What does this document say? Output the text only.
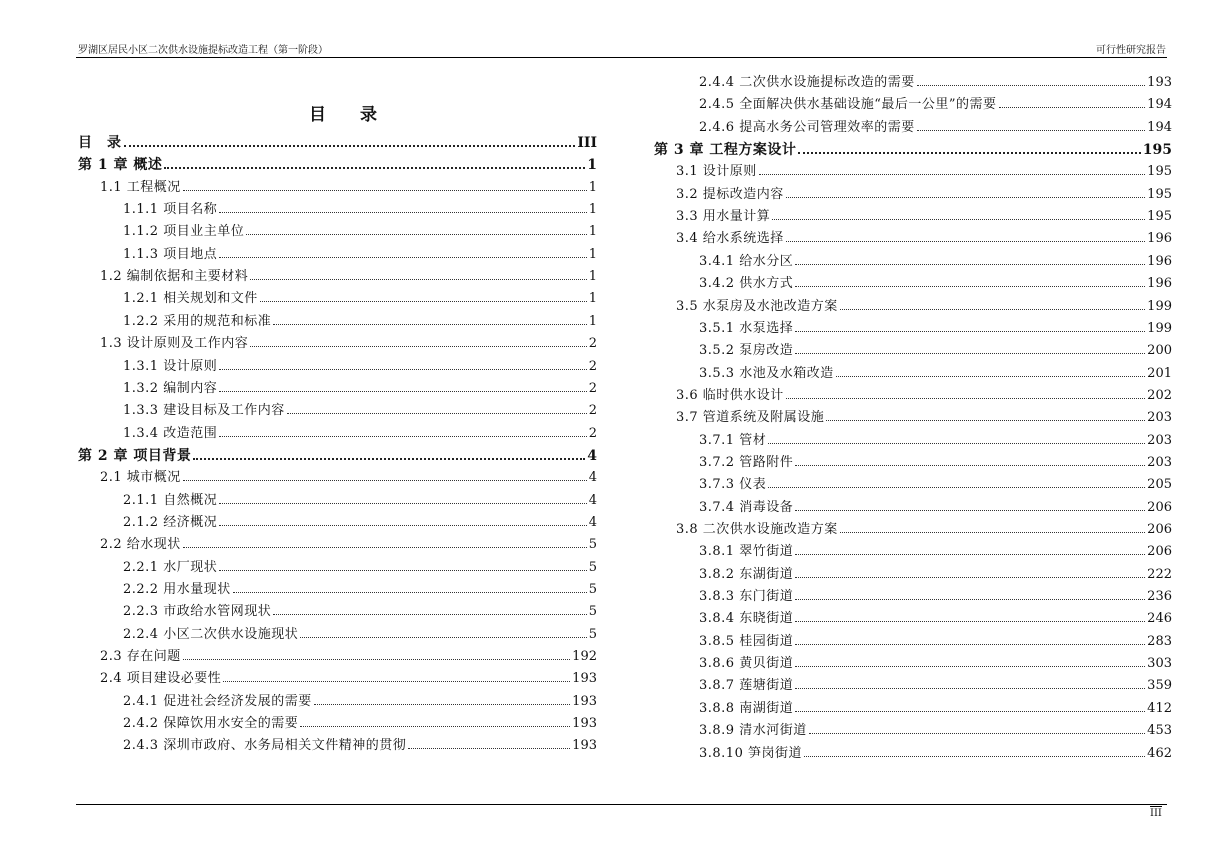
罗湖区居民小区二次供水设施提标改造工程（第一阶段）	可行性研究报告
目 录
目　录	III
第 1 章 概述	1
1.1 工程概况	1
1.1.1 项目名称	1
1.1.2 项目业主单位	1
1.1.3 项目地点	1
1.2 编制依据和主要材料	1
1.2.1 相关规划和文件	1
1.2.2 采用的规范和标准	1
1.3 设计原则及工作内容	2
1.3.1 设计原则	2
1.3.2 编制内容	2
1.3.3 建设目标及工作内容	2
1.3.4 改造范围	2
第 2 章 项目背景	4
2.1 城市概况	4
2.1.1 自然概况	4
2.1.2 经济概况	4
2.2 给水现状	5
2.2.1 水厂现状	5
2.2.2 用水量现状	5
2.2.3 市政给水管网现状	5
2.2.4 小区二次供水设施现状	5
2.3 存在问题	192
2.4 项目建设必要性	193
2.4.1 促进社会经济发展的需要	193
2.4.2 保障饮用水安全的需要	193
2.4.3 深圳市政府、水务局相关文件精神的贯彻	193
2.4.4 二次供水设施提标改造的需要	193
2.4.5 全面解决供水基础设施“最后一公里”的需要	194
2.4.6 提高水务公司管理效率的需要	194
第 3 章 工程方案设计	195
3.1 设计原则	195
3.2 提标改造内容	195
3.3 用水量计算	195
3.4 给水系统选择	196
3.4.1 给水分区	196
3.4.2 供水方式	196
3.5 水泵房及水池改造方案	199
3.5.1 水泵选择	199
3.5.2 泵房改造	200
3.5.3 水池及水箱改造	201
3.6 临时供水设计	202
3.7 管道系统及附属设施	203
3.7.1 管材	203
3.7.2 管路附件	203
3.7.3 仪表	205
3.7.4 消毒设备	206
3.8 二次供水设施改造方案	206
3.8.1 翠竹街道	206
3.8.2 东湖街道	222
3.8.3 东门街道	236
3.8.4 东晓街道	246
3.8.5 桂园街道	283
3.8.6 黄贝街道	303
3.8.7 莲塘街道	359
3.8.8 南湖街道	412
3.8.9 清水河街道	453
3.8.10 笋岗街道	462
III
